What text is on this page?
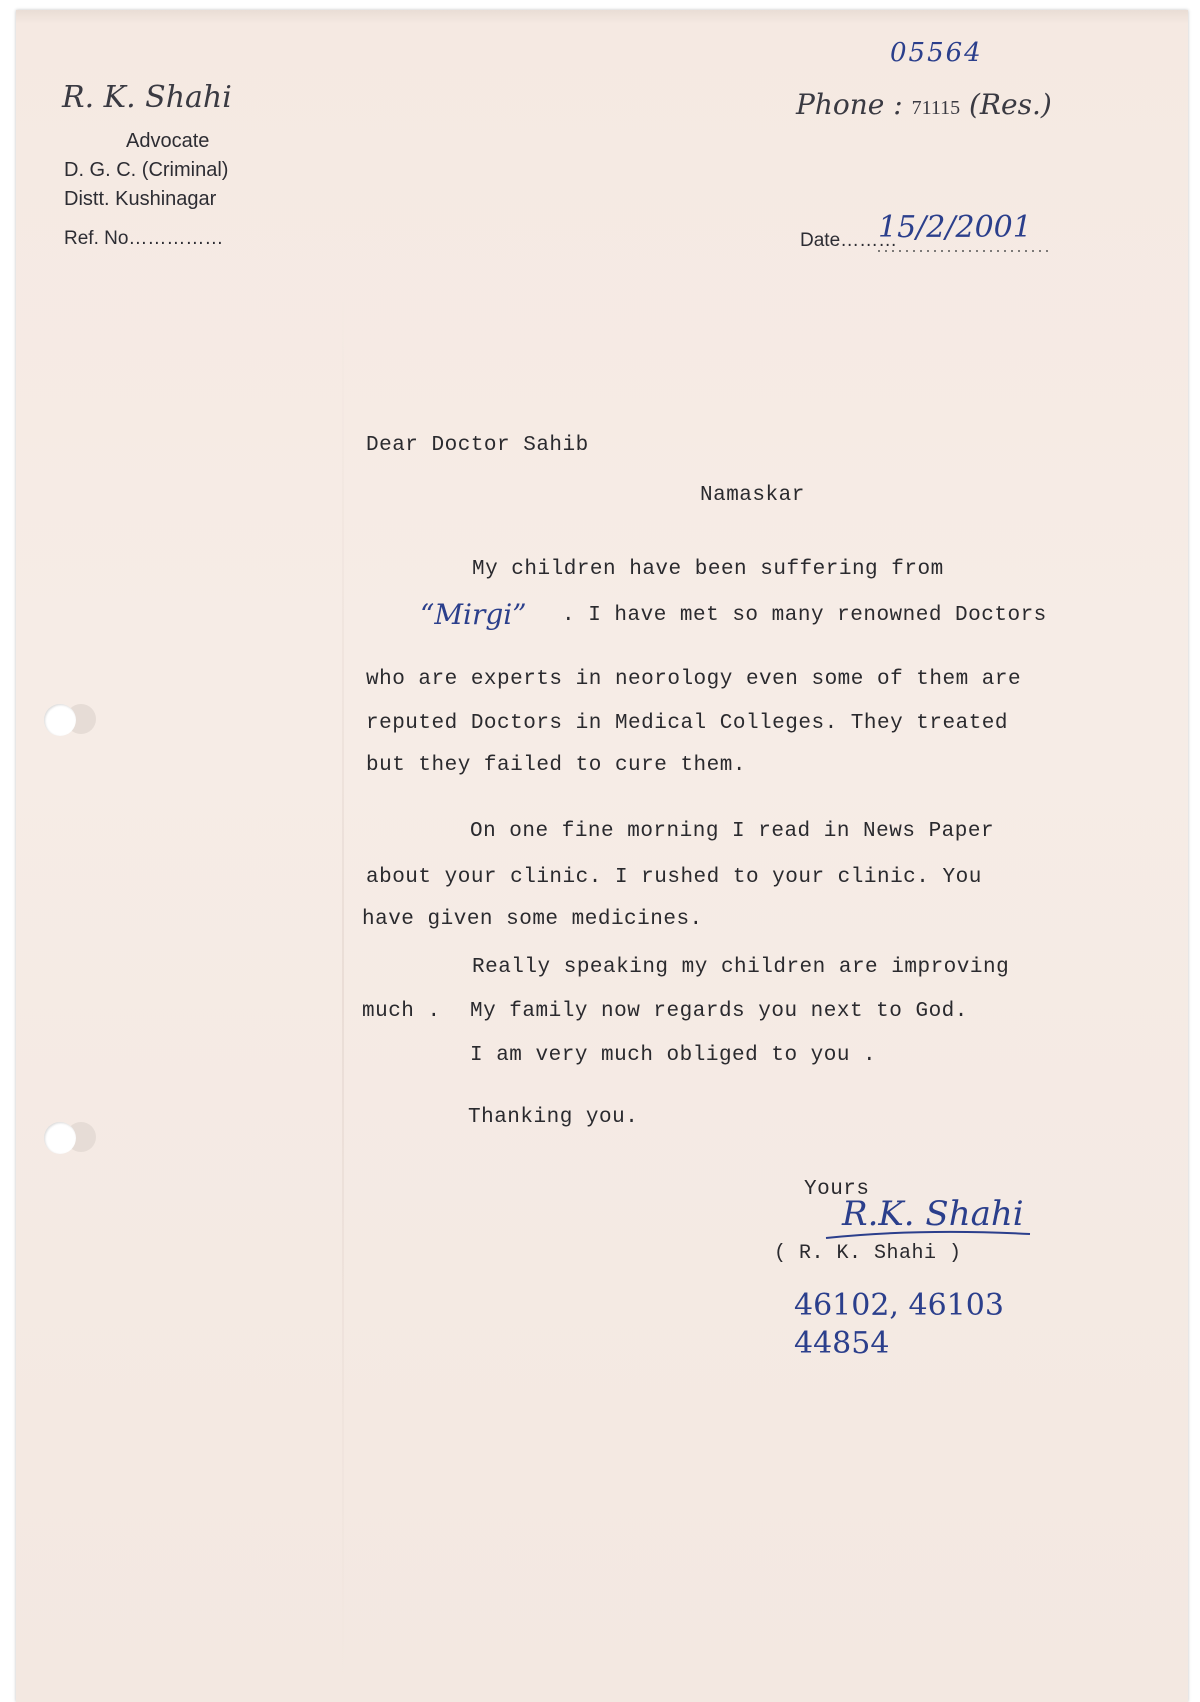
05564
R. K. Shahi
Advocate
D. G. C. (Criminal)
Distt. Kushinagar
Ref. No……………
Phone : 71115 (Res.)
Date………
15/2/2001
Dear Doctor Sahib
Namaskar
My children have been suffering from
“Mirgi” . I have met so many renowned Doctors
who are experts in neorology even some of them are
reputed Doctors in Medical Colleges. They treated
but they failed to cure them.
On one fine morning I read in News Paper
about your clinic. I rushed to your clinic. You
have given some medicines.
Really speaking my children are improving
much . My family now regards you next to God.
I am very much obliged to you .
Thanking you.
Yours
R.K. Shahi
( R. K. Shahi )
46102, 46103
44854
